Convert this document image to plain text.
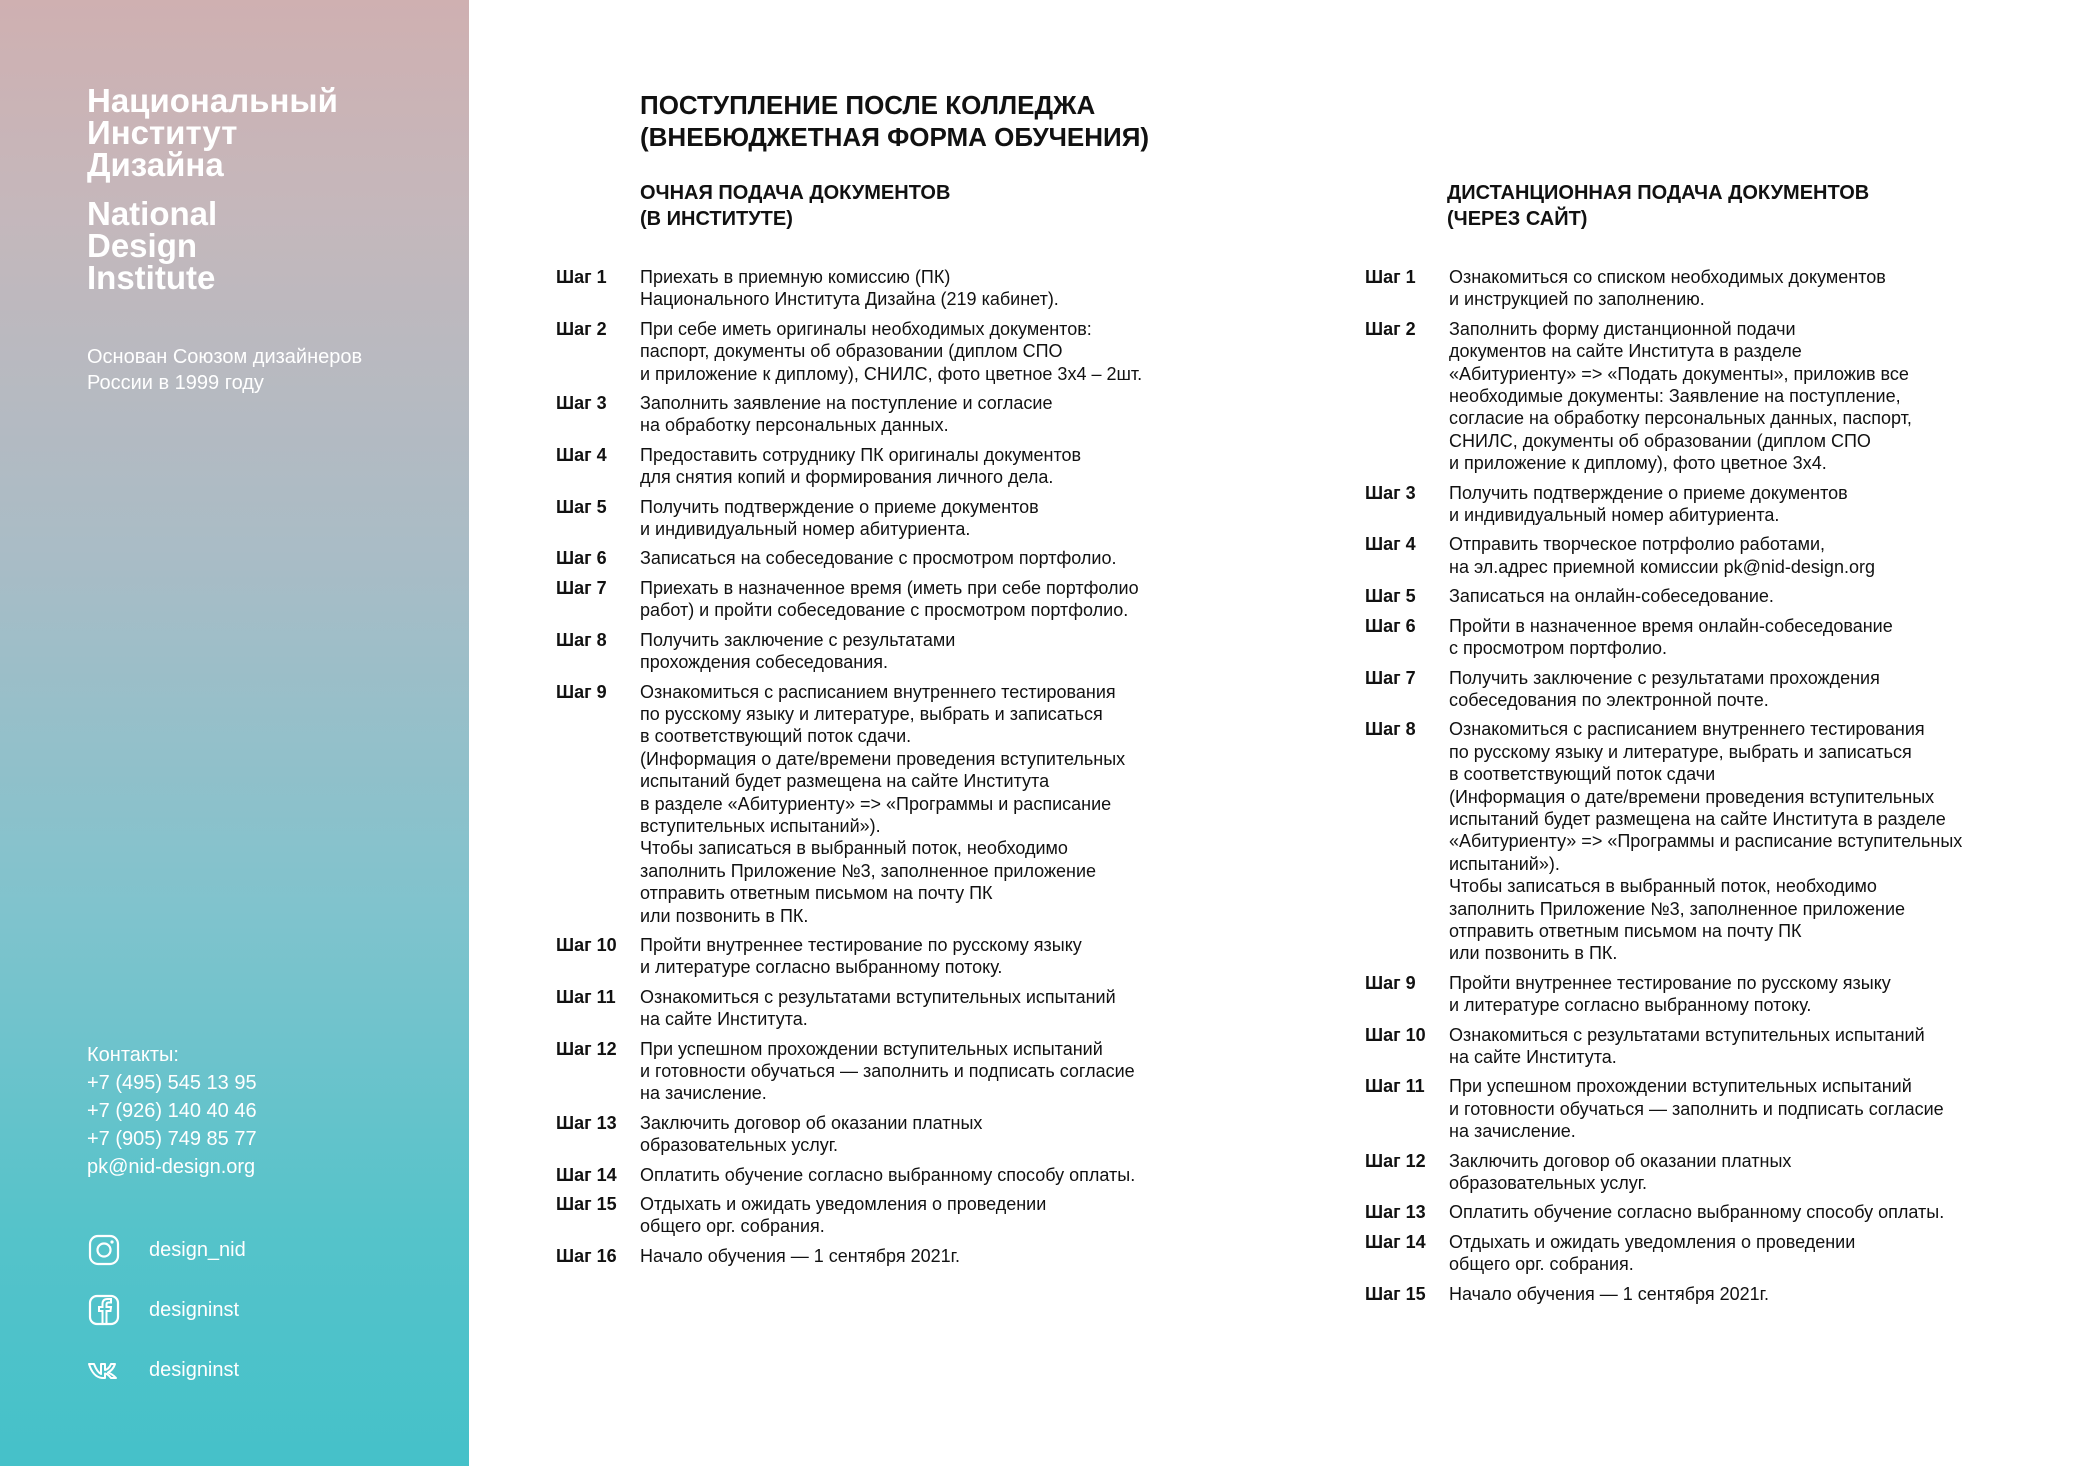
Национальный
Институт
Дизайна
National
Design
Institute
Основан Союзом дизайнеров России в 1999 году
Контакты:
+7 (495) 545 13 95
+7 (926) 140 40 46
+7 (905) 749 85 77
pk@nid-design.org
design_nid
designinst
designinst
ПОСТУПЛЕНИЕ ПОСЛЕ КОЛЛЕДЖА
(ВНЕБЮДЖЕТНАЯ ФОРМА ОБУЧЕНИЯ)
ОЧНАЯ ПОДАЧА ДОКУМЕНТОВ
(В ИНСТИТУТЕ)
ДИСТАНЦИОННАЯ ПОДАЧА ДОКУМЕНТОВ
(ЧЕРЕЗ САЙТ)
Шаг 1	Приехать в приемную комиссию (ПК)
Национального Института Дизайна (219 кабинет).
Шаг 2	При себе иметь оригиналы необходимых документов:
паспорт, документы об образовании (диплом СПО
и приложение к диплому), СНИЛС, фото цветное 3х4 – 2шт.
Шаг 3	Заполнить заявление на поступление и согласие
на обработку персональных данных.
Шаг 4	Предоставить сотруднику ПК оригиналы документов
для снятия копий и формирования личного дела.
Шаг 5	Получить подтверждение о приеме документов
и индивидуальный номер абитуриента.
Шаг 6	Записаться на собеседование с просмотром портфолио.
Шаг 7	Приехать в назначенное время (иметь при себе портфолио
работ) и пройти собеседование с просмотром портфолио.
Шаг 8	Получить заключение с результатами
прохождения собеседования.
Шаг 9	Ознакомиться с расписанием внутреннего тестирования
по русскому языку и литературе, выбрать и записаться
в соответствующий поток сдачи.
(Информация о дате/времени проведения вступительных
испытаний будет размещена на сайте Института
в разделе «Абитуриенту» => «Программы и расписание
вступительных испытаний»).
Чтобы записаться в выбранный поток, необходимо
заполнить Приложение №3, заполненное приложение
отправить ответным письмом на почту ПК
или позвонить в ПК.
Шаг 10	Пройти внутреннее тестирование по русскому языку
и литературе согласно выбранному потоку.
Шаг 11	Ознакомиться с результатами вступительных испытаний
на сайте Института.
Шаг 12	При успешном прохождении вступительных испытаний
и готовности обучаться — заполнить и подписать согласие
на зачисление.
Шаг 13	Заключить договор об оказании платных
образовательных услуг.
Шаг 14	Оплатить обучение согласно выбранному способу оплаты.
Шаг 15	Отдыхать и ожидать уведомления о проведении
общего орг. собрания.
Шаг 16	Начало обучения — 1 сентября 2021г.
Шаг 1	Ознакомиться со списком необходимых документов
и инструкцией по заполнению.
Шаг 2	Заполнить форму дистанционной подачи
документов на сайте Института в разделе
«Абитуриенту» => «Подать документы», приложив все
необходимые документы: Заявление на поступление,
согласие на обработку персональных данных, паспорт,
СНИЛС, документы об образовании (диплом СПО
и приложение к диплому), фото цветное 3х4.
Шаг 3	Получить подтверждение о приеме документов
и индивидуальный номер абитуриента.
Шаг 4	Отправить творческое потрфолио работами,
на эл.адрес приемной комиссии pk@nid-design.org
Шаг 5	Записаться на онлайн-собеседование.
Шаг 6	Пройти в назначенное время онлайн-собеседование
с просмотром портфолио.
Шаг 7	Получить заключение с результатами прохождения
собеседования по электронной почте.
Шаг 8	Ознакомиться с расписанием внутреннего тестирования
по русскому языку и литературе, выбрать и записаться
в соответствующий поток сдачи
(Информация о дате/времени проведения вступительных
испытаний будет размещена на сайте Института в разделе
«Абитуриенту» => «Программы и расписание вступительных
испытаний»).
Чтобы записаться в выбранный поток, необходимо
заполнить Приложение №3, заполненное приложение
отправить ответным письмом на почту ПК
или позвонить в ПК.
Шаг 9	Пройти внутреннее тестирование по русскому языку
и литературе согласно выбранному потоку.
Шаг 10	Ознакомиться с результатами вступительных испытаний
на сайте Института.
Шаг 11	При успешном прохождении вступительных испытаний
и готовности обучаться — заполнить и подписать согласие
на зачисление.
Шаг 12	Заключить договор об оказании платных
образовательных услуг.
Шаг 13	Оплатить обучение согласно выбранному способу оплаты.
Шаг 14	Отдыхать и ожидать уведомления о проведении
общего орг. собрания.
Шаг 15	Начало обучения — 1 сентября 2021г.
